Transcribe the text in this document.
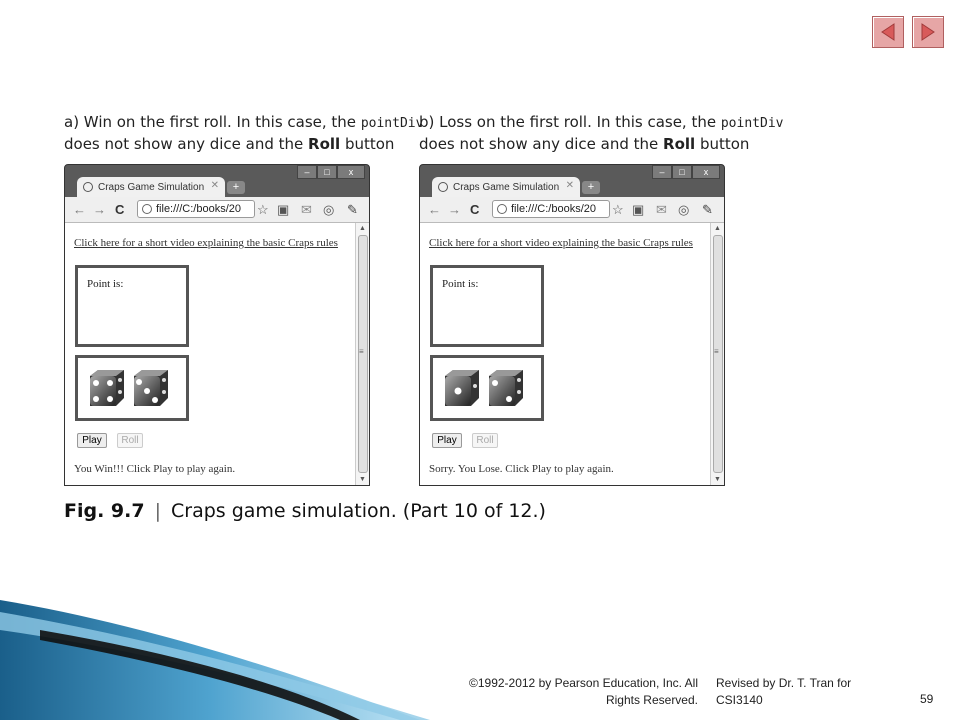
a) Win on the first roll. In this case, the pointDiv
does not show any dice and the Roll button
b) Loss on the first roll. In this case, the pointDiv
does not show any dice and the Roll button
Craps Game Simulation ✕	+
–	□	x
← → C	file:///C:/books/20	☆ ▣ ✉ ◎ ✎
Click here for a short video explaining the basic Craps rules
Point is:
Play	Roll
You Win!!! Click Play to play again.
▲
≡
▼
Craps Game Simulation ✕	+
–	□	x
← → C	file:///C:/books/20	☆ ▣ ✉ ◎ ✎
Click here for a short video explaining the basic Craps rules
Point is:
Play	Roll
Sorry. You Lose. Click Play to play again.
▲
≡
▼
Fig. 9.7 | Craps game simulation. (Part 10 of 12.)
©1992-2012 by Pearson Education, Inc. All
Rights Reserved.
Revised by Dr. T. Tran for
CSI3140	59
